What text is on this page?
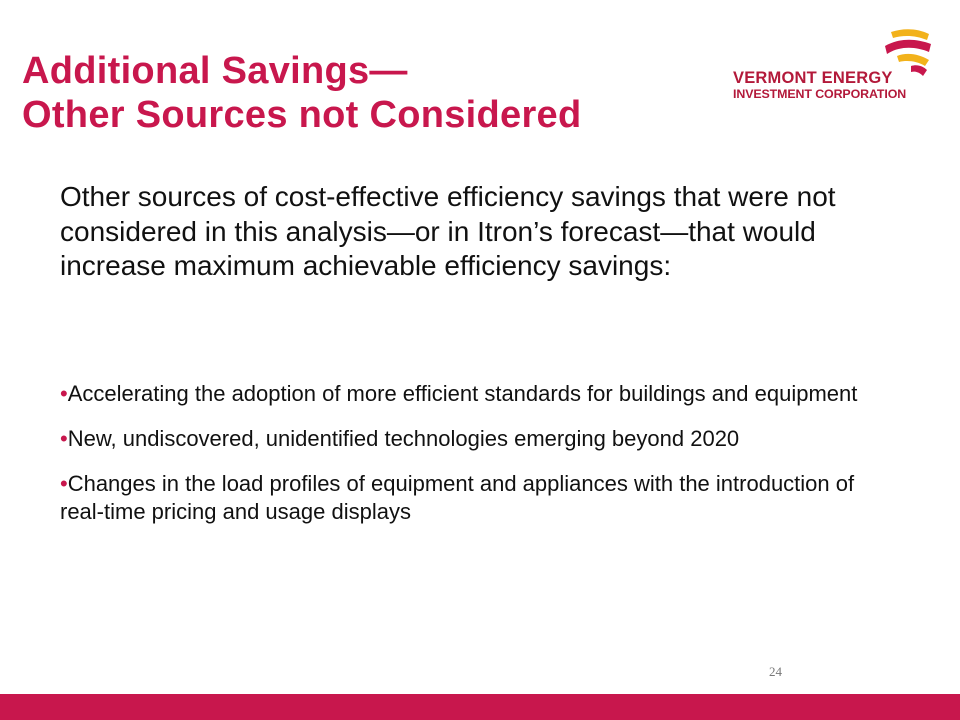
Additional Savings—
Other Sources not Considered
VERMONT ENERGY
INVESTMENT CORPORATION

Other sources of cost-effective efficiency savings that were not considered in this analysis—or in Itron’s forecast—that would increase maximum achievable efficiency savings:

•Accelerating the adoption of more efficient standards for buildings and equipment
•New, undiscovered, unidentified technologies emerging beyond 2020
•Changes in the load profiles of equipment and appliances with the introduction of real-time pricing and usage displays
24
